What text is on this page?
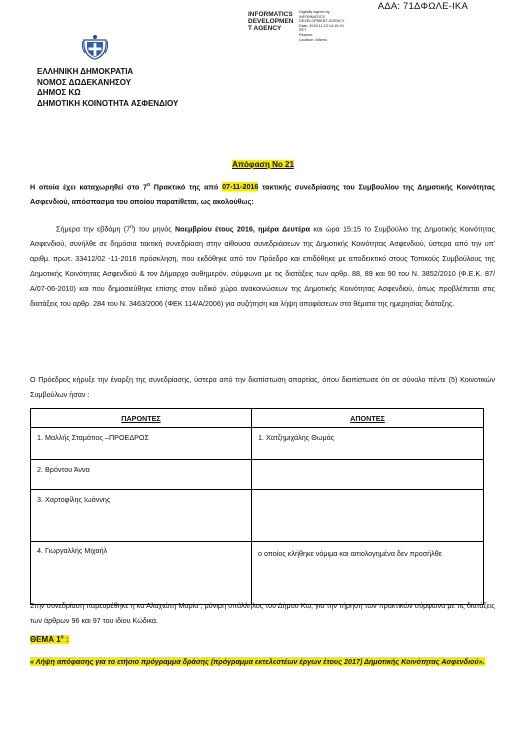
ΑΔΑ: 71ΔΦΩΛΕ-ΙΚΑ
INFORMATICS
DEVELOPMEN
T AGENCY
Digitally signed by
INFORMATICS
DEVELOPMENT AGENCY
Date: 2016.11.10 14:15:24
EET
Reason:
Location: Athens
ΕΛΛΗΝΙΚΗ ΔΗΜΟΚΡΑΤΙΑ
ΝΟΜΟΣ ΔΩΔΕΚΑΝΗΣΟΥ
ΔΗΜΟΣ ΚΩ
ΔΗΜΟΤΙΚΗ ΚΟΙΝΟΤΗΤΑ ΑΣΦΕΝΔΙΟΥ
Απόφαση Νο 21
Η οποία έχει καταχωρηθεί στο $7^o$ Πρακτικό της από 07-11-2016 τακτικής συνεδρίασης του Συμβουλίου της Δημοτικής Κοινότητας Ασφενδιού, απόσπασμα του οποίου παρατίθεται, ως ακολούθως:
Σήμερα την εβδόμη $(7^\eta)$ του μηνός Νοεμβρίου έτους 2016, ημέρα Δευτέρα και ώρα 15:15 το Συμβούλιο της Δημοτικής Κοινότητας Ασφενδιού, συνήλθε σε δημόσια τακτική συνεδρίαση στην αίθουσα συνεδριάσεων της Δημοτικής Κοινότητας Ασφενδιού, ύστερα από την υπ' αριθμ. πρωτ. 33412/02 -11-2016 πρόσκληση, που εκδόθηκε από τον Πρόεδρο και επιδόθηκε με αποδεικτικό στους Τοπικούς Συμβούλους της Δημοτικής Κοινότητας Ασφενδιού & τον Δήμαρχο αυθημερόν, σύμφωνα με τις διατάξεις των αρθρ. 88, 89 και 90 του Ν. 3852/2010 (Φ.Ε.Κ. 87/Α/07-06-2010) και που δημοσιεύθηκε επίσης στον ειδικό χώρο ανακοινώσεων της Δημοτικής Κοινότητας Ασφενδιού, όπως προβλέπεται στις διατάξεις του αρθρ. 284 του Ν. 3463/2006 (ΦΕΚ 114/Α/2006) για συζήτηση και λήψη αποφάσεων στα θέματα της ημερησίας διάταξης.
Ο Πρόεδρος κήρυξε την έναρξη της συνεδρίασης, ύστερα από την διαπίστωση απαρτίας, όπου διαπίστωσε ότι σε σύνολο πέντε (5) Κοινοτικών Συμβούλων ήσαν :
ΠΑΡΟΝΤΕΣ	ΑΠΟΝΤΕΣ
1. Μαλλής Σταμάτιος –ΠΡΟΕΔΡΟΣ	1. Χατζημιχάλης Θωμάς
2. Βρόντου Άννα	
3. Χαρτοφίλης Ιωάννης	
4. Γιωργαλλής Μιχαήλ	ο οποίος κλήθηκε νόμιμα και αιτιολογημένα δεν προσήλθε
Στην συνεδρίαση παρευρέθηκε η κα Αλαχιώτη Μαρία , μόνιμη υπάλληλος του Δήμου Κω, για την τήρηση των πρακτικών σύμφωνα με τις διατάξεις των άρθρων 96 και 97 του ιδίου Κώδικα.
ΘΕΜΑ $1^o$ :
« Λήψη απόφασης για το ετήσιο πρόγραμμα δράσης (πρόγραμμα εκτελεστέων έργων έτους 2017) Δημοτικής Κοινότητας Ασφενδιού».
